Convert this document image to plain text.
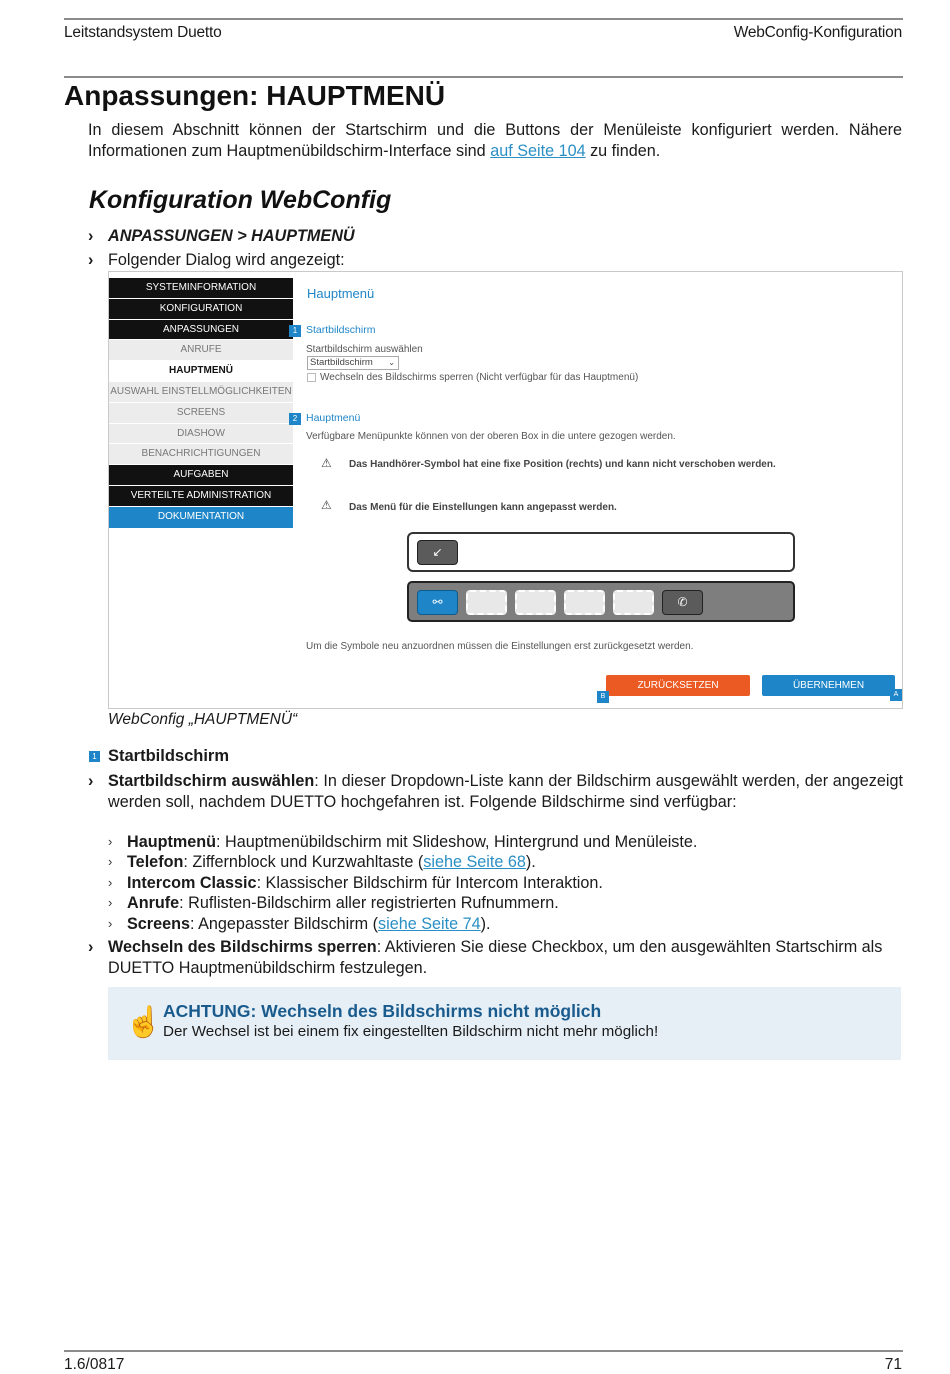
Leitstandsystem Duetto	WebConfig-Konfiguration
Anpassungen: HAUPTMENÜ

In diesem Abschnitt können der Startschirm und die Buttons der Menüleiste konfiguriert werden. Nähere Informationen zum Hauptmenübildschirm-Interface sind auf Seite 104 zu finden.

Konfiguration WebConfig
› ANPASSUNGEN > HAUPTMENÜ
› Folgender Dialog wird angezeigt:
SYSTEMINFORMATION
KONFIGURATION
ANPASSUNGEN
ANRUFE
HAUPTMENÜ
AUSWAHL EINSTELLMÖGLICHKEITEN
SCREENS
DIASHOW
BENACHRICHTIGUNGEN
AUFGABEN
VERTEILTE ADMINISTRATION
DOKUMENTATION
1
2
Hauptmenü
Startbildschirm
Startbildschirm auswählen
Startbildschirm ⌄
Wechseln des Bildschirms sperren (Nicht verfügbar für das Hauptmenü)
Hauptmenü
Verfügbare Menüpunkte können von der oberen Box in die untere gezogen werden.
⚠ Das Handhörer-Symbol hat eine fixe Position (rechts) und kann nicht verschoben werden.
⚠ Das Menü für die Einstellungen kann angepasst werden.
↙
⚯	✆
Um die Symbole neu anzuordnen müssen die Einstellungen erst zurückgesetzt werden.
ZURÜCKSETZEN	ÜBERNEHMEN
B	A
WebConfig „HAUPTMENÜ“
1 Startbildschirm
› Startbildschirm auswählen: In dieser Dropdown-Liste kann der Bildschirm ausgewählt werden, der angezeigt werden soll, nachdem DUETTO hochgefahren ist. Folgende Bildschirme sind verfügbar:
› Hauptmenü: Hauptmenübildschirm mit Slideshow, Hintergrund und Menüleiste.
› Telefon: Ziffernblock und Kurzwahltaste (siehe Seite 68).
› Intercom Classic: Klassischer Bildschirm für Intercom Interaktion.
› Anrufe: Ruflisten-Bildschirm aller registrierten Rufnummern.
› Screens: Angepasster Bildschirm (siehe Seite 74).
› Wechseln des Bildschirms sperren: Aktivieren Sie diese Checkbox, um den ausgewählten Startschirm als DUETTO Hauptmenübildschirm festzulegen.
☝ ACHTUNG: Wechseln des Bildschirms nicht möglich
Der Wechsel ist bei einem fix eingestellten Bildschirm nicht mehr möglich!
1.6/0817	71
